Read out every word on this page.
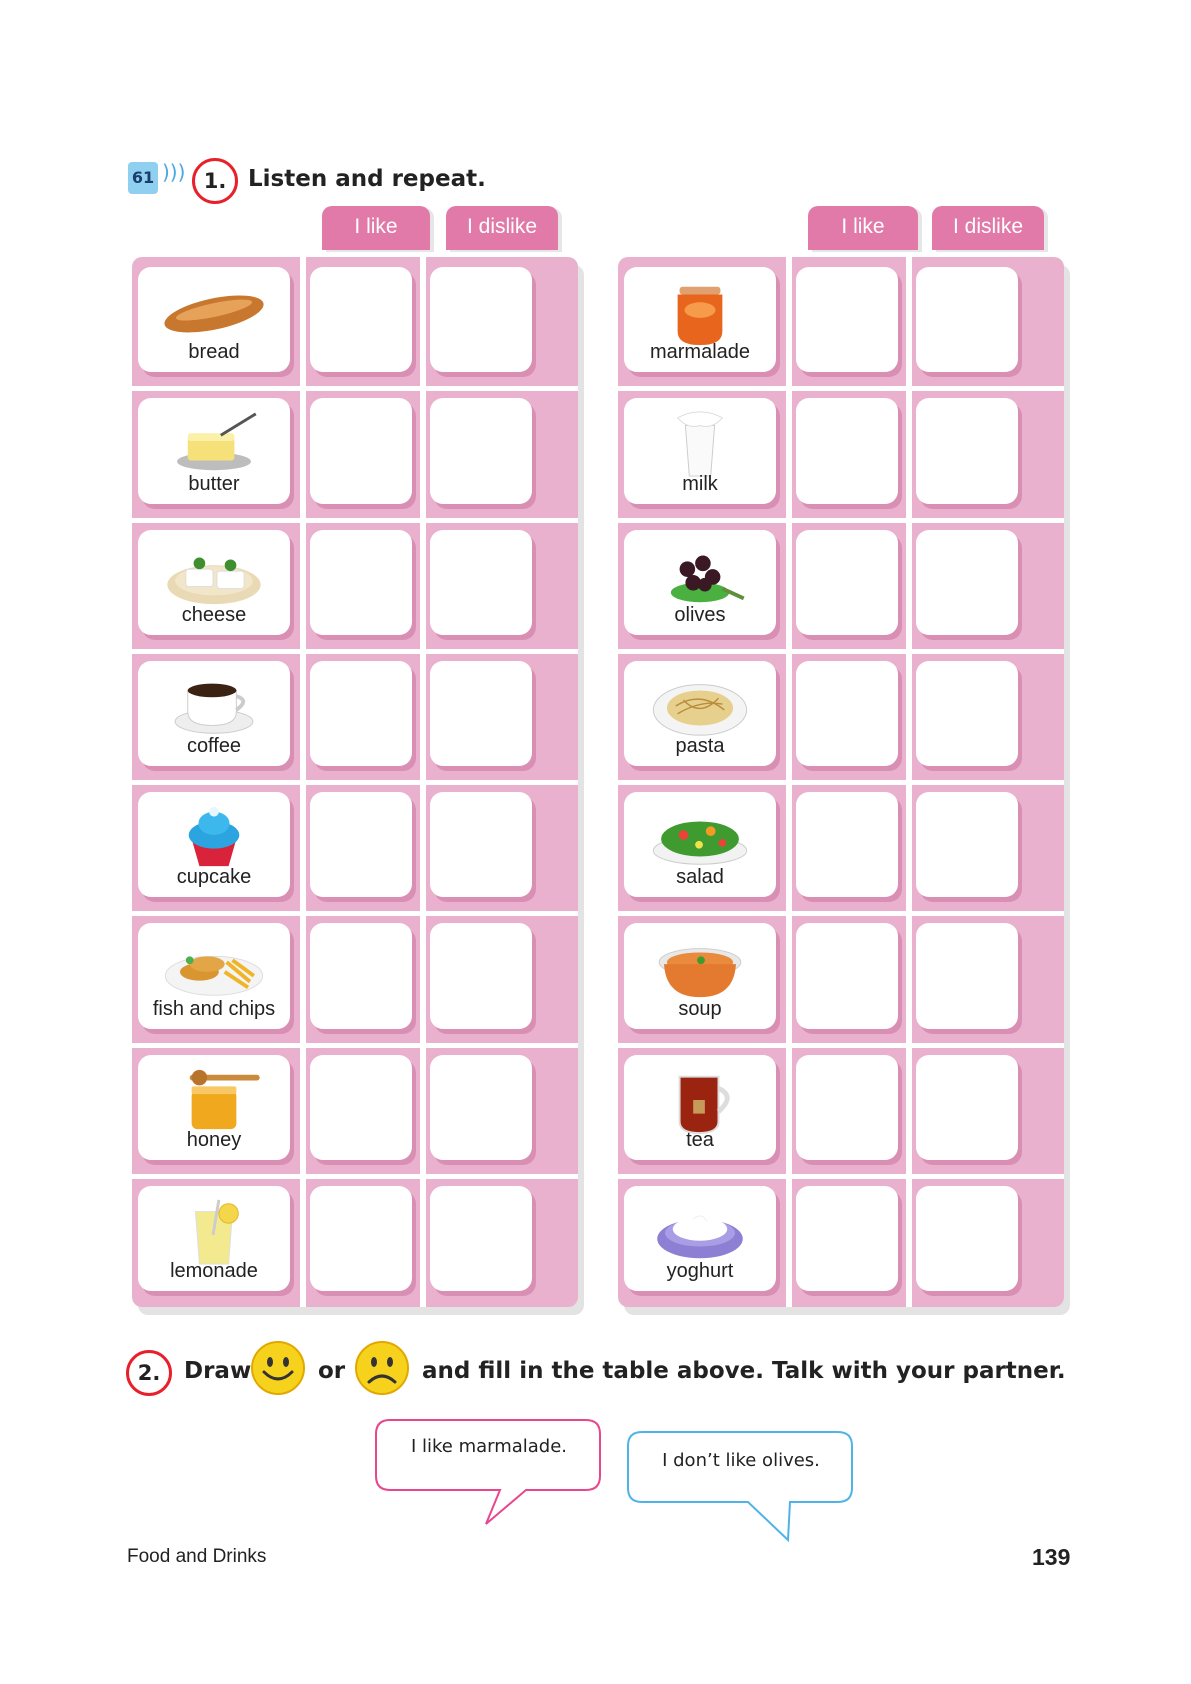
61 ))) 1. Listen and repeat.
I like	I dislike	I like	I dislike
bread
butter
cheese
coffee
cupcake
fish and chips
honey
lemonade
marmalade
milk
olives
pasta
salad
soup
tea
yoghurt
2.	Draw	or	and fill in the table above. Talk with your partner.
I like marmalade.
I don’t like olives.
Food and Drinks	139
